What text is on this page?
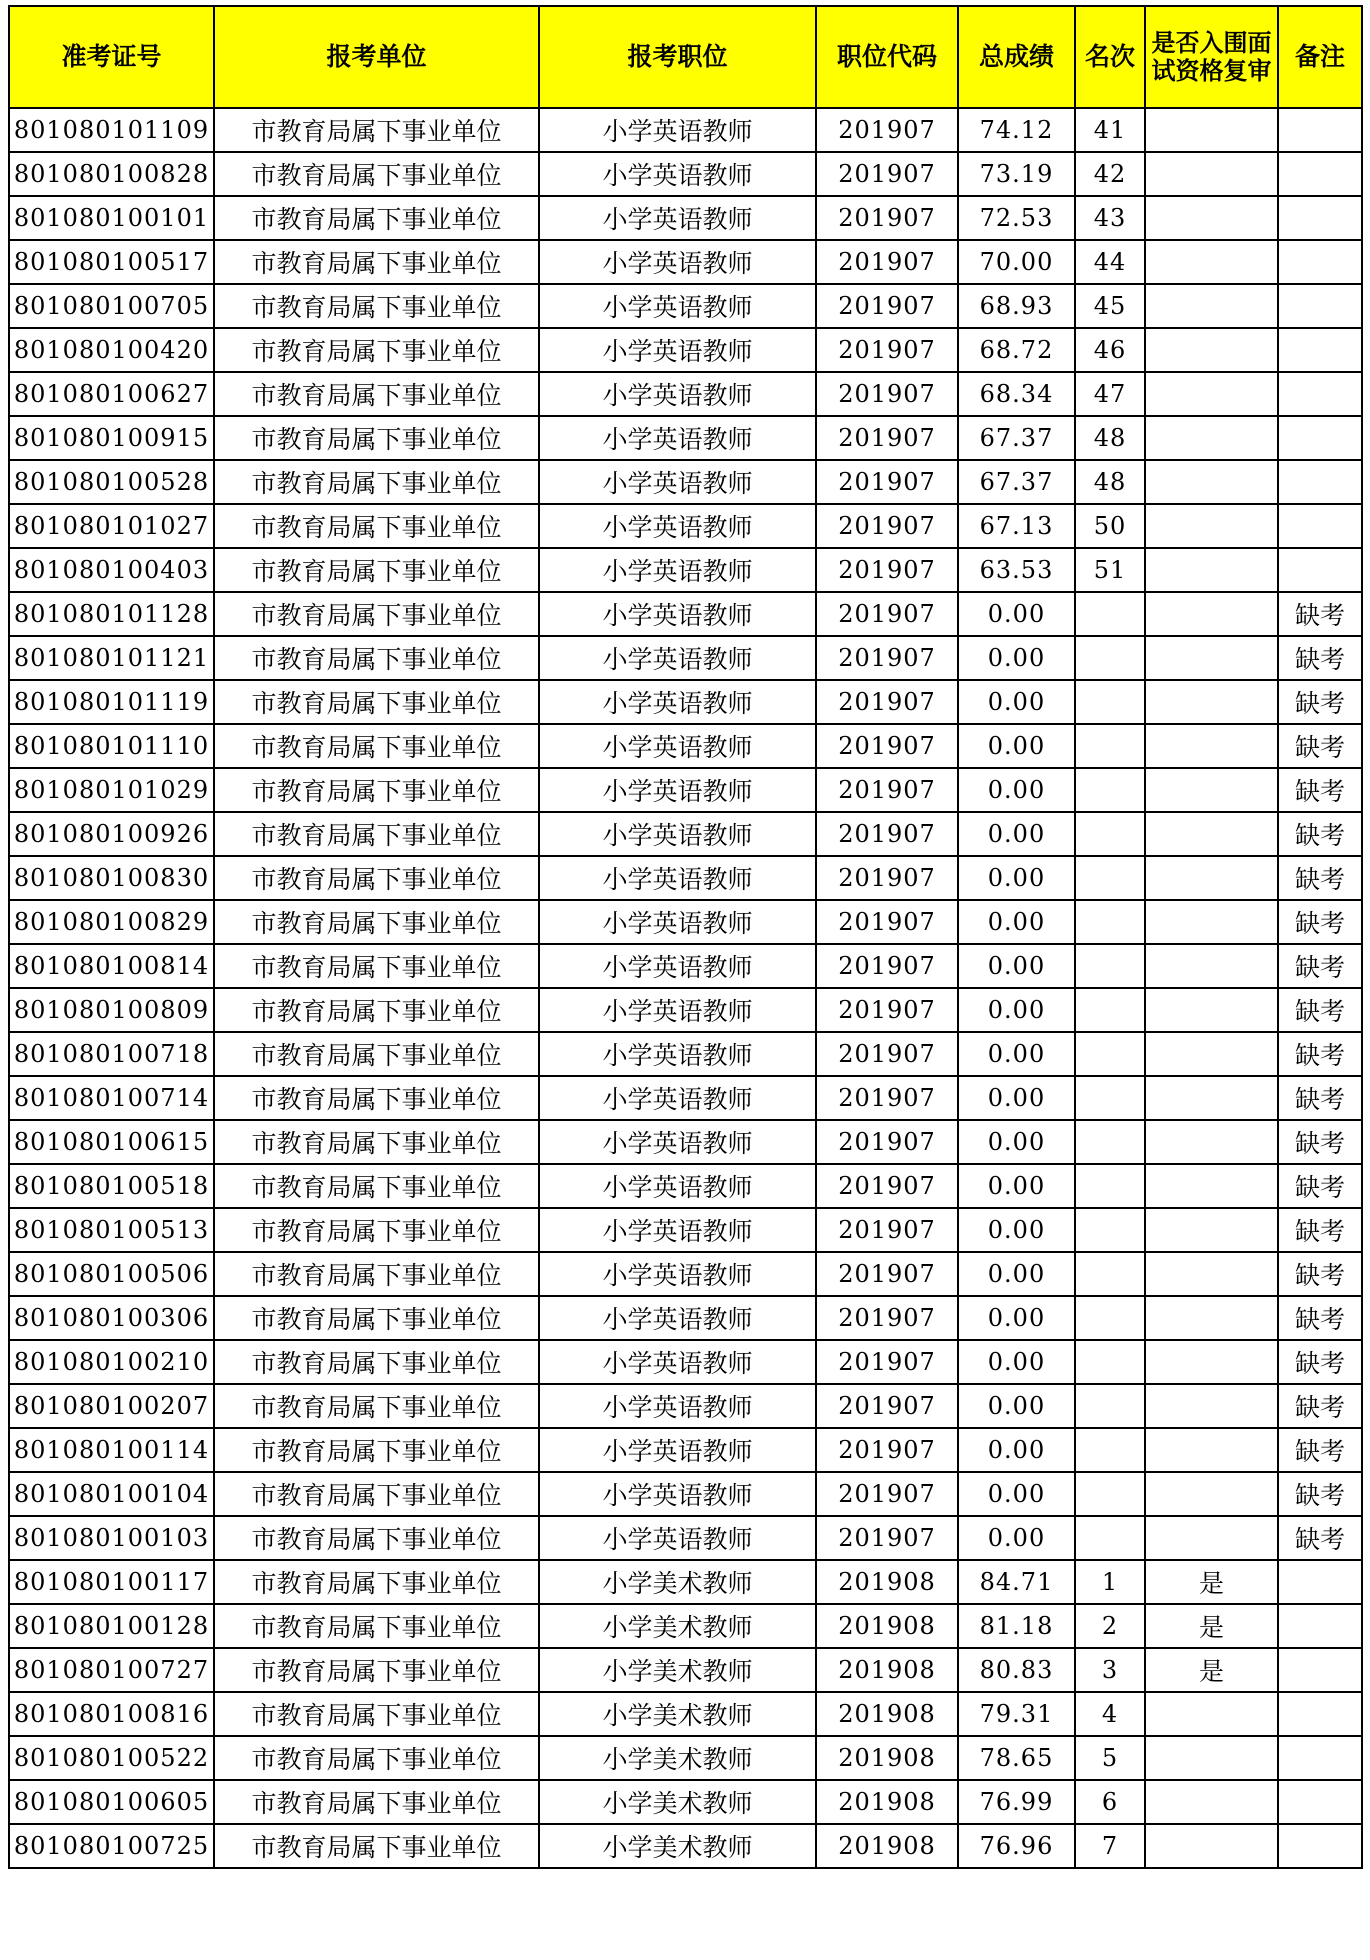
准考证号	报考单位	报考职位	职位代码	总成绩	名次	是否入围面试资格复审	备注
801080101109	市教育局属下事业单位	小学英语教师	201907	74.12	41		
801080100828	市教育局属下事业单位	小学英语教师	201907	73.19	42		
801080100101	市教育局属下事业单位	小学英语教师	201907	72.53	43		
801080100517	市教育局属下事业单位	小学英语教师	201907	70.00	44		
801080100705	市教育局属下事业单位	小学英语教师	201907	68.93	45		
801080100420	市教育局属下事业单位	小学英语教师	201907	68.72	46		
801080100627	市教育局属下事业单位	小学英语教师	201907	68.34	47		
801080100915	市教育局属下事业单位	小学英语教师	201907	67.37	48		
801080100528	市教育局属下事业单位	小学英语教师	201907	67.37	48		
801080101027	市教育局属下事业单位	小学英语教师	201907	67.13	50		
801080100403	市教育局属下事业单位	小学英语教师	201907	63.53	51		
801080101128	市教育局属下事业单位	小学英语教师	201907	0.00			缺考
801080101121	市教育局属下事业单位	小学英语教师	201907	0.00			缺考
801080101119	市教育局属下事业单位	小学英语教师	201907	0.00			缺考
801080101110	市教育局属下事业单位	小学英语教师	201907	0.00			缺考
801080101029	市教育局属下事业单位	小学英语教师	201907	0.00			缺考
801080100926	市教育局属下事业单位	小学英语教师	201907	0.00			缺考
801080100830	市教育局属下事业单位	小学英语教师	201907	0.00			缺考
801080100829	市教育局属下事业单位	小学英语教师	201907	0.00			缺考
801080100814	市教育局属下事业单位	小学英语教师	201907	0.00			缺考
801080100809	市教育局属下事业单位	小学英语教师	201907	0.00			缺考
801080100718	市教育局属下事业单位	小学英语教师	201907	0.00			缺考
801080100714	市教育局属下事业单位	小学英语教师	201907	0.00			缺考
801080100615	市教育局属下事业单位	小学英语教师	201907	0.00			缺考
801080100518	市教育局属下事业单位	小学英语教师	201907	0.00			缺考
801080100513	市教育局属下事业单位	小学英语教师	201907	0.00			缺考
801080100506	市教育局属下事业单位	小学英语教师	201907	0.00			缺考
801080100306	市教育局属下事业单位	小学英语教师	201907	0.00			缺考
801080100210	市教育局属下事业单位	小学英语教师	201907	0.00			缺考
801080100207	市教育局属下事业单位	小学英语教师	201907	0.00			缺考
801080100114	市教育局属下事业单位	小学英语教师	201907	0.00			缺考
801080100104	市教育局属下事业单位	小学英语教师	201907	0.00			缺考
801080100103	市教育局属下事业单位	小学英语教师	201907	0.00			缺考
801080100117	市教育局属下事业单位	小学美术教师	201908	84.71	1	是	
801080100128	市教育局属下事业单位	小学美术教师	201908	81.18	2	是	
801080100727	市教育局属下事业单位	小学美术教师	201908	80.83	3	是	
801080100816	市教育局属下事业单位	小学美术教师	201908	79.31	4		
801080100522	市教育局属下事业单位	小学美术教师	201908	78.65	5		
801080100605	市教育局属下事业单位	小学美术教师	201908	76.99	6		
801080100725	市教育局属下事业单位	小学美术教师	201908	76.96	7		
